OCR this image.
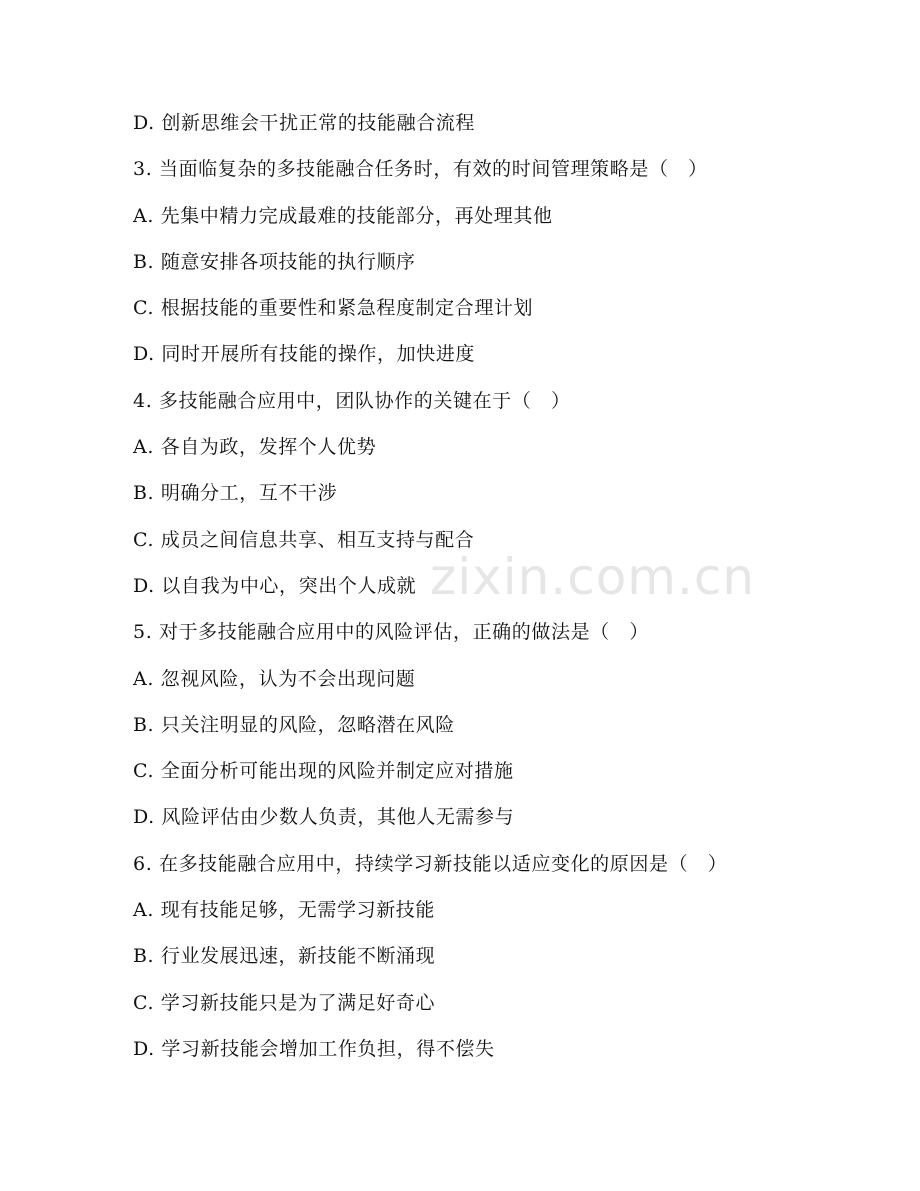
zixin.com.cn
D. 创新思维会干扰正常的技能融合流程
3. 当面临复杂的多技能融合任务时，有效的时间管理策略是（　）
A. 先集中精力完成最难的技能部分，再处理其他
B. 随意安排各项技能的执行顺序
C. 根据技能的重要性和紧急程度制定合理计划
D. 同时开展所有技能的操作，加快进度
4. 多技能融合应用中，团队协作的关键在于（　）
A. 各自为政，发挥个人优势
B. 明确分工，互不干涉
C. 成员之间信息共享、相互支持与配合
D. 以自我为中心，突出个人成就
5. 对于多技能融合应用中的风险评估，正确的做法是（　）
A. 忽视风险，认为不会出现问题
B. 只关注明显的风险，忽略潜在风险
C. 全面分析可能出现的风险并制定应对措施
D. 风险评估由少数人负责，其他人无需参与
6. 在多技能融合应用中，持续学习新技能以适应变化的原因是（　）
A. 现有技能足够，无需学习新技能
B. 行业发展迅速，新技能不断涌现
C. 学习新技能只是为了满足好奇心
D. 学习新技能会增加工作负担，得不偿失
